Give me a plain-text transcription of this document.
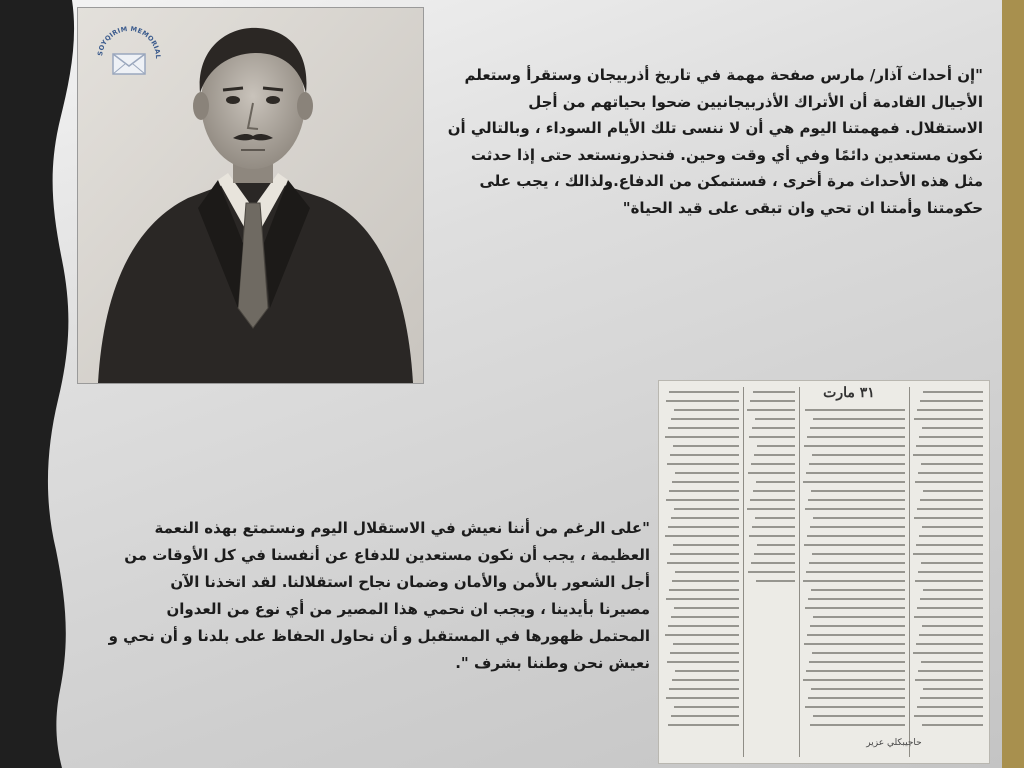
SOYQIRIM MEMORIAL

"إن أحداث آذار/ مارس صفحة مهمة في تاريخ أذربيجان وستقرأ وستعلم
الأجيال القادمة أن الأتراك الأذربيجانيين ضحوا بحياتهم من أجل
الاستقلال. فمهمتنا اليوم هي أن لا ننسى تلك الأيام السوداء ، وبالتالي أن
نكون مستعدين دائمًا وفي أي وقت وحين. فنحذرونستعد حتى إذا حدثت
مثل هذه الأحداث مرة أخرى ، فسنتمكن من الدفاع.ولذالك ، يجب على
حكومتنا وأمتنا ان تحي وان تبقى على قيد الحياة"

۳۱ مارت
حاجيبكلي عزير

"على الرغم من أننا نعيش في الاستقلال اليوم ونستمتع بهذه النعمة
العظيمة ، يجب أن نكون مستعدين للدفاع عن أنفسنا في كل الأوقات من
أجل الشعور بالأمن والأمان وضمان نجاح استقلالنا. لقد اتخذنا الآن
مصيرنا بأيدينا ، ويجب ان نحمي هذا المصير من أي نوع من العدوان
المحتمل ظهورها في المستقبل و أن نحاول الحفاظ على بلدنا و أن نحي و
نعيش نحن وطننا بشرف ".
